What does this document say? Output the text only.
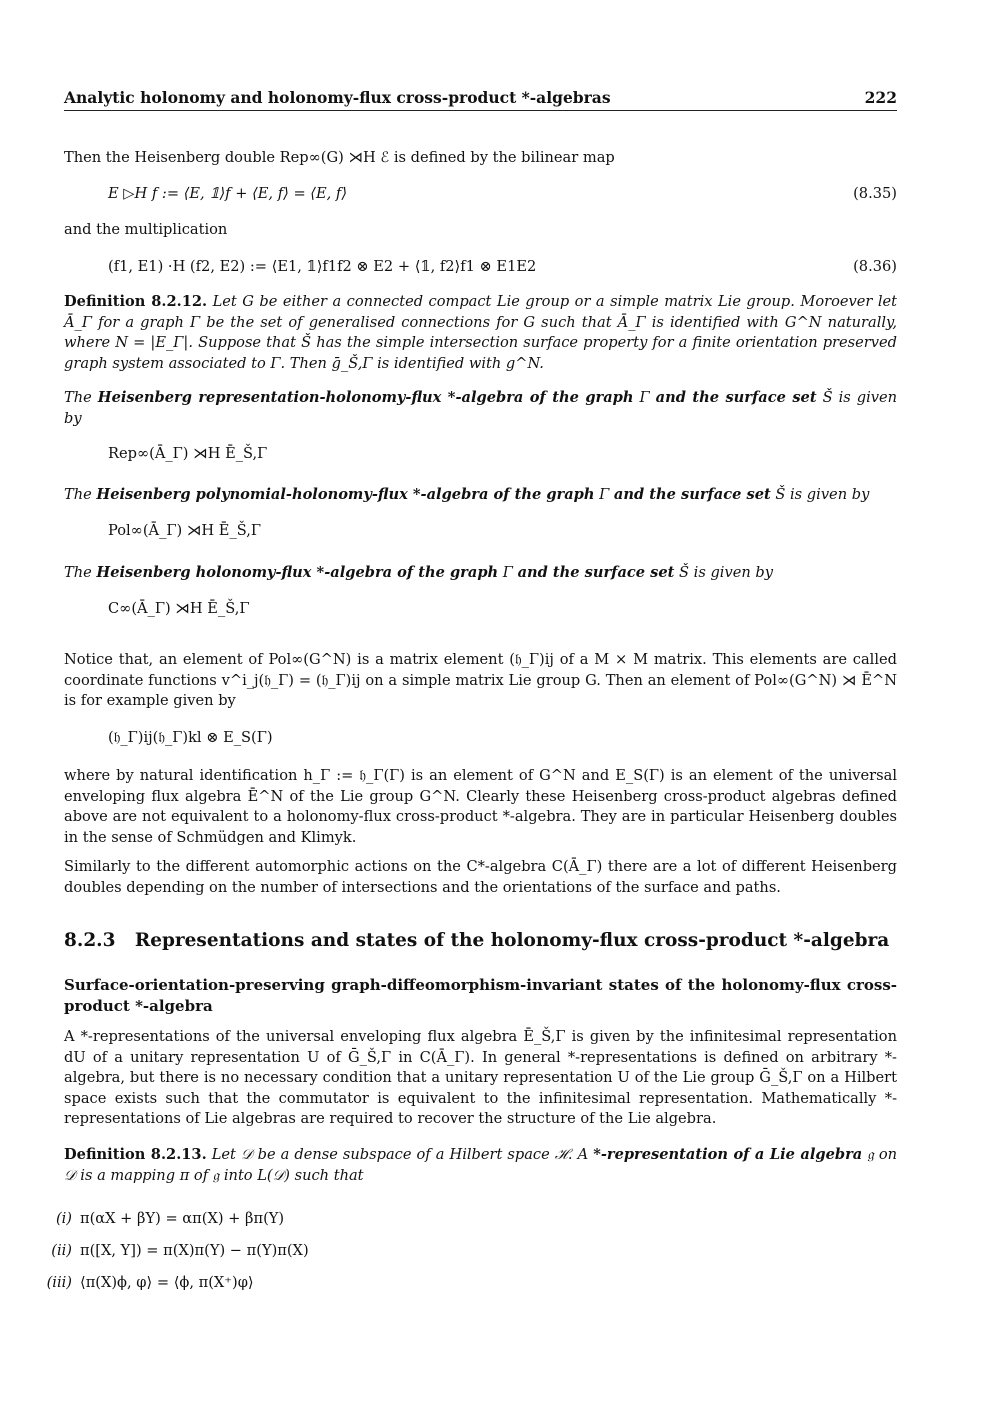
Analytic holonomy and holonomy-flux cross-product *-algebras	222

Then the Heisenberg double Rep∞(G) ⋊H ℰ is defined by the bilinear map

E ▷H f := ⟨E, 𝟙⟩f + ⟨E, f⟩ = ⟨E, f⟩	(8.35)

and the multiplication

(f1, E1) ·H (f2, E2) := ⟨E1, 𝟙⟩f1f2 ⊗ E2 + ⟨𝟙, f2⟩f1 ⊗ E1E2	(8.36)

Definition 8.2.12. Let G be either a connected compact Lie group or a simple matrix Lie group. Moroever let Ā_Γ for a graph Γ be the set of generalised connections for G such that Ā_Γ is identified with G^N naturally, where N = |E_Γ|. Suppose that Š has the simple intersection surface property for a finite orientation preserved graph system associated to Γ. Then ḡ_Š,Γ is identified with g^N.

The Heisenberg representation-holonomy-flux *-algebra of the graph Γ and the surface set Š is given by

Rep∞(Ā_Γ) ⋊H Ē_Š,Γ

The Heisenberg polynomial-holonomy-flux *-algebra of the graph Γ and the surface set Š is given by

Pol∞(Ā_Γ) ⋊H Ē_Š,Γ

The Heisenberg holonomy-flux *-algebra of the graph Γ and the surface set Š is given by

C∞(Ā_Γ) ⋊H Ē_Š,Γ

Notice that, an element of Pol∞(G^N) is a matrix element (𝔥_Γ)ij of a M × M matrix. This elements are called coordinate functions v^i_j(𝔥_Γ) = (𝔥_Γ)ij on a simple matrix Lie group G. Then an element of Pol∞(G^N) ⋊ Ē^N is for example given by

(𝔥_Γ)ij(𝔥_Γ)kl ⊗ E_S(Γ)

where by natural identification h_Γ := 𝔥_Γ(Γ) is an element of G^N and E_S(Γ) is an element of the universal enveloping flux algebra Ē^N of the Lie group G^N. Clearly these Heisenberg cross-product algebras defined above are not equivalent to a holonomy-flux cross-product *-algebra. They are in particular Heisenberg doubles in the sense of Schmüdgen and Klimyk.

Similarly to the different automorphic actions on the C*-algebra C(Ā_Γ) there are a lot of different Heisenberg doubles depending on the number of intersections and the orientations of the surface and paths.

8.2.3 Representations and states of the holonomy-flux cross-product *-algebra

Surface-orientation-preserving graph-diffeomorphism-invariant states of the holonomy-flux cross-product *-algebra

A *-representations of the universal enveloping flux algebra Ē_Š,Γ is given by the infinitesimal representation dU of a unitary representation U of Ḡ_Š,Γ in C(Ā_Γ). In general *-representations is defined on arbitrary *-algebra, but there is no necessary condition that a unitary representation U of the Lie group Ḡ_Š,Γ on a Hilbert space exists such that the commutator is equivalent to the infinitesimal representation. Mathematically *-representations of Lie algebras are required to recover the structure of the Lie algebra.

Definition 8.2.13. Let 𝒟 be a dense subspace of a Hilbert space ℋ. A *-representation of a Lie algebra 𝔤 on 𝒟 is a mapping π of 𝔤 into L(𝒟) such that

(i) π(αX + βY) = απ(X) + βπ(Y)
(ii) π([X, Y]) = π(X)π(Y) − π(Y)π(X)
(iii) ⟨π(X)ϕ, φ⟩ = ⟨ϕ, π(X⁺)φ⟩
